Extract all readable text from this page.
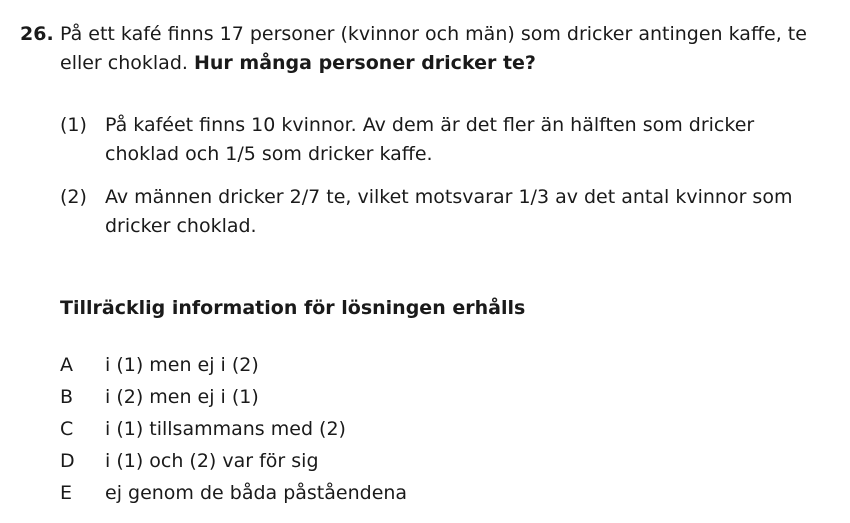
26. På ett kafé finns 17 personer (kvinnor och män) som dricker antingen kaffe, te eller choklad. Hur många personer dricker te?
(1) På kaféet finns 10 kvinnor. Av dem är det fler än hälften som dricker choklad och 1/5 som dricker kaffe.
(2) Av männen dricker 2/7 te, vilket motsvarar 1/3 av det antal kvinnor som dricker choklad.
Tillräcklig information för lösningen erhålls
A i (1) men ej i (2)
B i (2) men ej i (1)
C i (1) tillsammans med (2)
D i (1) och (2) var för sig
E ej genom de båda påståendena
